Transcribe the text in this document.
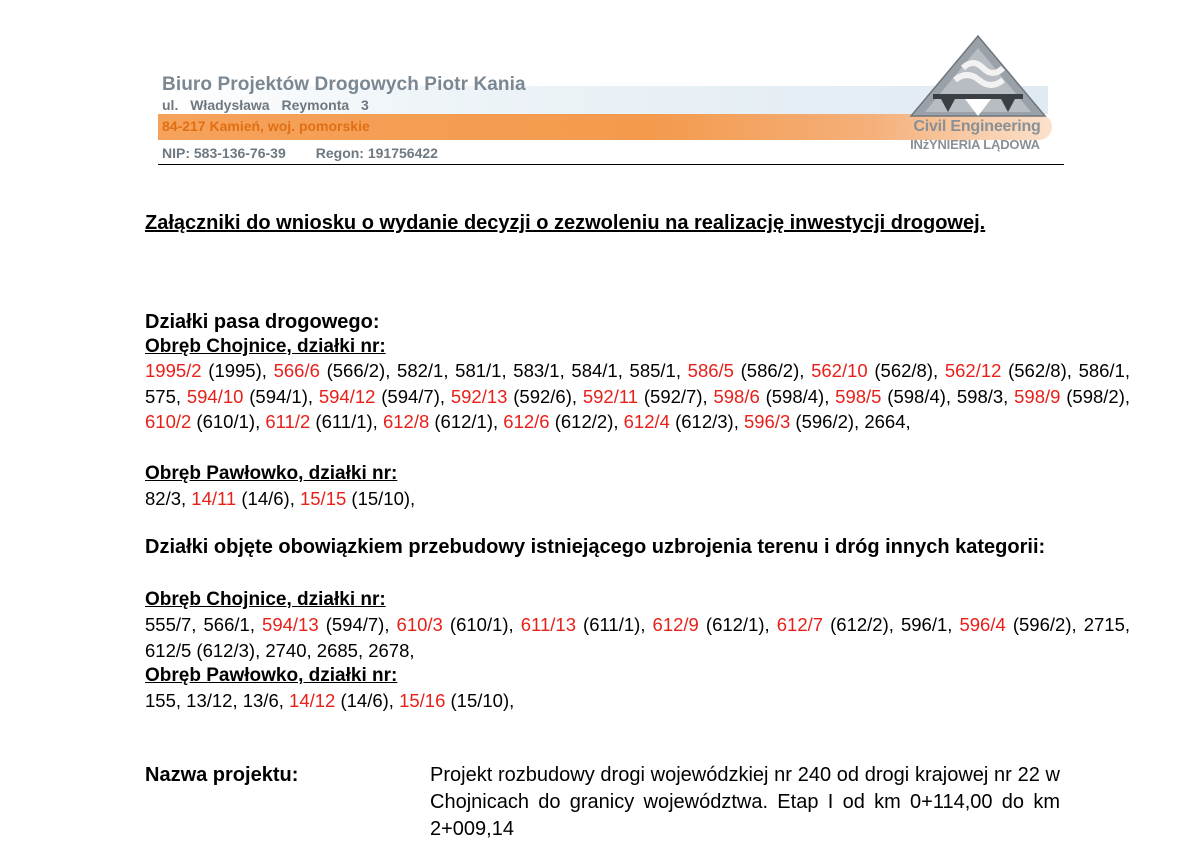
Biuro Projektów Drogowych Piotr Kania
ul. Władysława Reymonta 3
84-217 Kamień, woj. pomorskie
NIP: 583-136-76-39 Regon: 191756422
Civil Engineering
INżYNIERIA LĄDOWA
Załączniki do wniosku o wydanie decyzji o zezwoleniu na realizację inwestycji drogowej.
Działki pasa drogowego:
Obręb Chojnice, działki nr:
1995/2 (1995), 566/6 (566/2), 582/1, 581/1, 583/1, 584/1, 585/1, 586/5 (586/2), 562/10 (562/8), 562/12 (562/8), 586/1, 575, 594/10 (594/1), 594/12 (594/7), 592/13 (592/6), 592/11 (592/7), 598/6 (598/4), 598/5 (598/4), 598/3, 598/9 (598/2), 610/2 (610/1), 611/2 (611/1), 612/8 (612/1), 612/6 (612/2), 612/4 (612/3), 596/3 (596/2), 2664,
Obręb Pawłowko, działki nr:
82/3, 14/11 (14/6), 15/15 (15/10),
Działki objęte obowiązkiem przebudowy istniejącego uzbrojenia terenu i dróg innych kategorii:
Obręb Chojnice, działki nr:
555/7, 566/1, 594/13 (594/7), 610/3 (610/1), 611/13 (611/1), 612/9 (612/1), 612/7 (612/2), 596/1, 596/4 (596/2), 2715, 612/5 (612/3), 2740, 2685, 2678,
Obręb Pawłowko, działki nr:
155, 13/12, 13/6, 14/12 (14/6), 15/16 (15/10),
Nazwa projektu:	Projekt rozbudowy drogi wojewódzkiej nr 240 od drogi krajowej nr 22 w Chojnicach do granicy województwa. Etap I od km 0+114,00 do km 2+009,14
